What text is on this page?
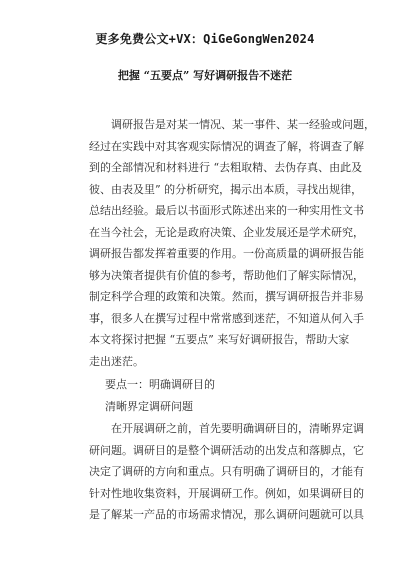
更多免费公文+VX：QiGeGongWen2024
把握 “五要点” 写好调研报告不迷茫
调研报告是对某一情况、某一事件、某一经验或问题，
经过在实践中对其客观实际情况的调查了解，将调查了解
到的全部情况和材料进行 “去粗取精、去伪存真、由此及
彼、由表及里” 的分析研究，揭示出本质，寻找出规律，
总结出经验。最后以书面形式陈述出来的一种实用性文书
在当今社会，无论是政府决策、企业发展还是学术研究，
调研报告都发挥着重要的作用。一份高质量的调研报告能
够为决策者提供有价值的参考，帮助他们了解实际情况，
制定科学合理的政策和决策。然而，撰写调研报告并非易
事，很多人在撰写过程中常常感到迷茫，不知道从何入手
本文将探讨把握 “五要点” 来写好调研报告，帮助大家
走出迷茫。
要点一：明确调研目的
清晰界定调研问题
在开展调研之前，首先要明确调研目的，清晰界定调
研问题。调研目的是整个调研活动的出发点和落脚点，它
决定了调研的方向和重点。只有明确了调研目的，才能有
针对性地收集资料，开展调研工作。例如，如果调研目的
是了解某一产品的市场需求情况，那么调研问题就可以具
